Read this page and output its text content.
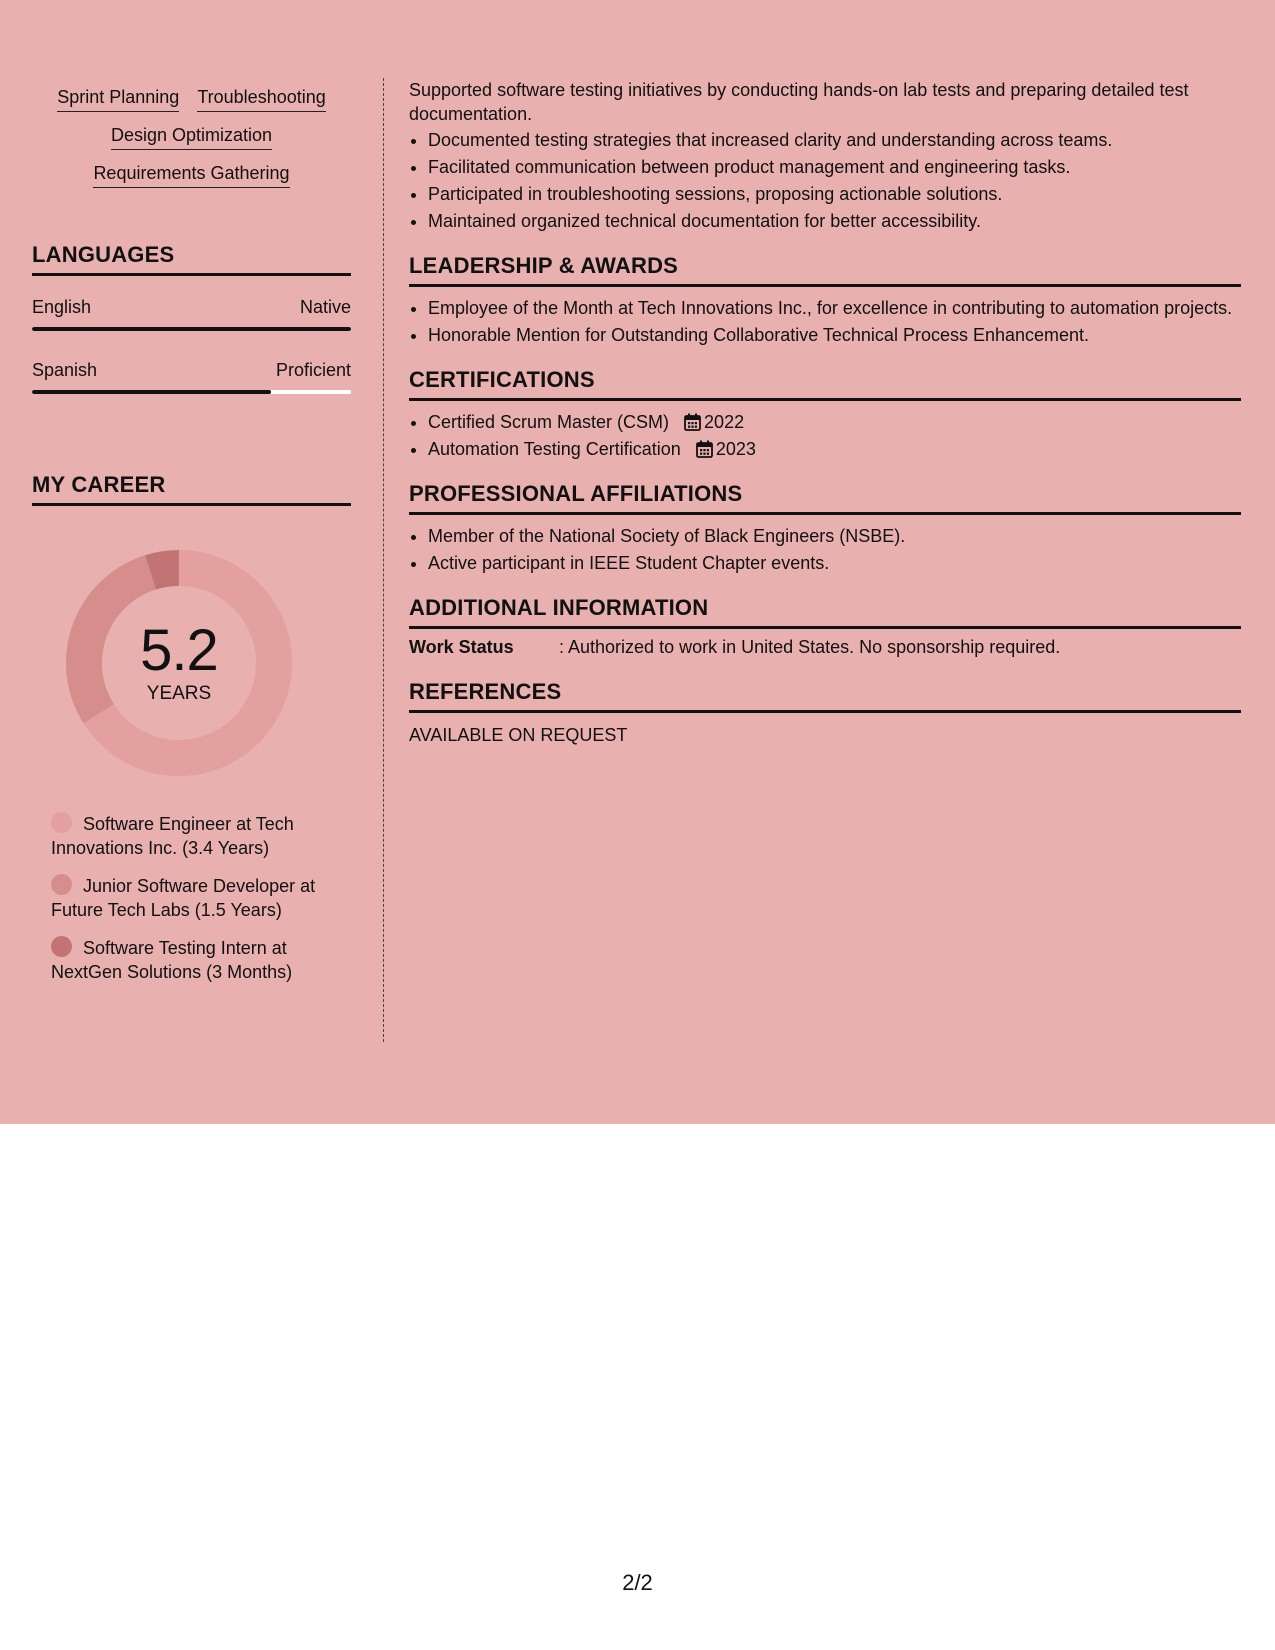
Sprint Planning Troubleshooting
Design Optimization
Requirements Gathering
LANGUAGES
English	Native
Spanish	Proficient
MY CAREER
5.2
YEARS
Software Engineer at Tech Innovations Inc. (3.4 Years)
Junior Software Developer at Future Tech Labs (1.5 Years)
Software Testing Intern at NextGen Solutions (3 Months)

Supported software testing initiatives by conducting hands-on lab tests and preparing detailed test documentation.

• Documented testing strategies that increased clarity and understanding across teams.
• Facilitated communication between product management and engineering tasks.
• Participated in troubleshooting sessions, proposing actionable solutions.
• Maintained organized technical documentation for better accessibility.
LEADERSHIP & AWARDS
• Employee of the Month at Tech Innovations Inc., for excellence in contributing to automation projects.
• Honorable Mention for Outstanding Collaborative Technical Process Enhancement.
CERTIFICATIONS
• Certified Scrum Master (CSM) 2022
• Automation Testing Certification 2023
PROFESSIONAL AFFILIATIONS
• Member of the National Society of Black Engineers (NSBE).
• Active participant in IEEE Student Chapter events.
ADDITIONAL INFORMATION
Work Status	: Authorized to work in United States. No sponsorship required.
REFERENCES
AVAILABLE ON REQUEST
2/2
